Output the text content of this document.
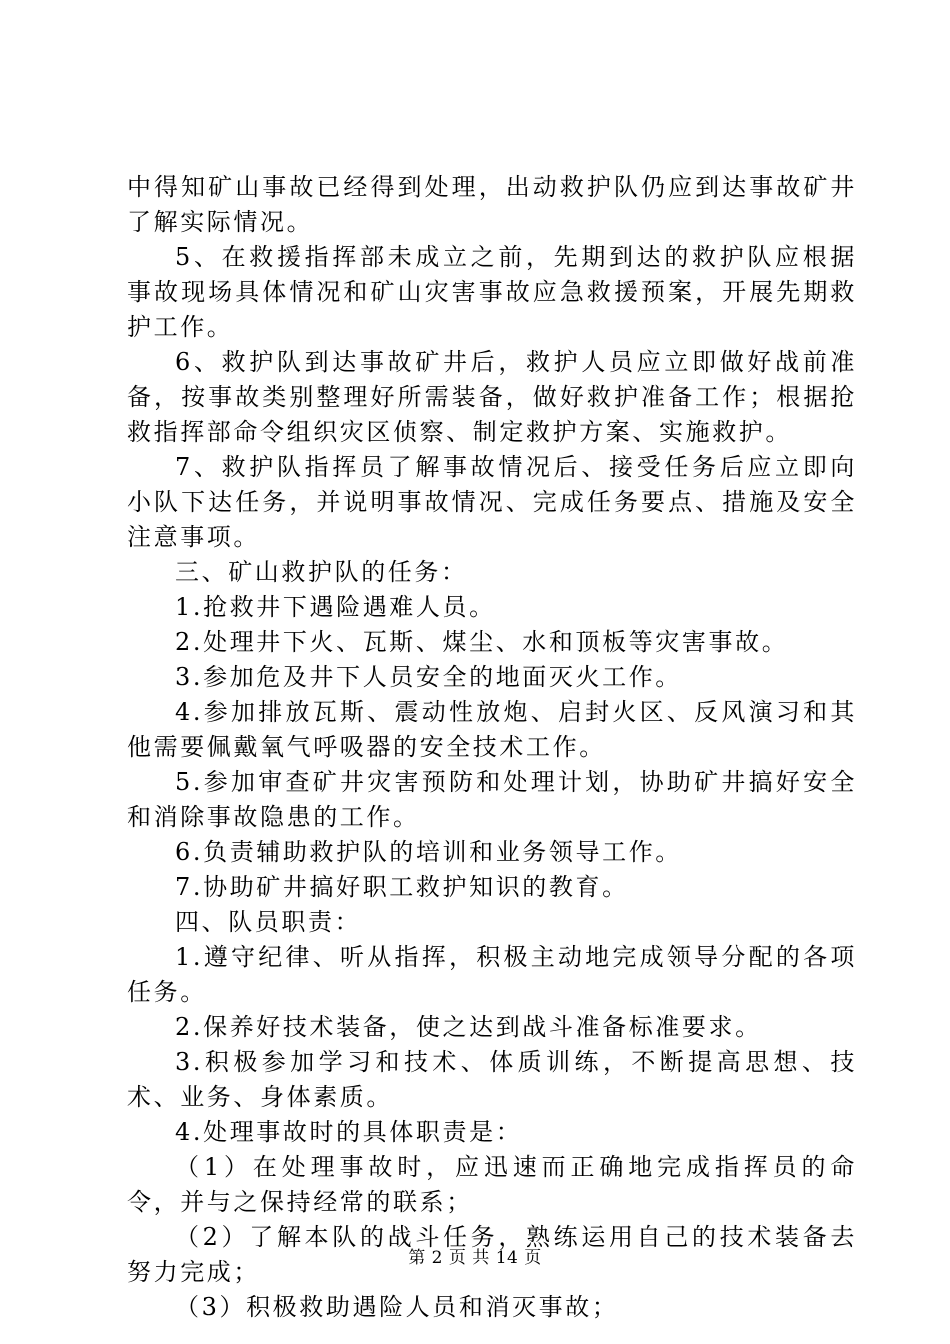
中得知矿山事故已经得到处理，出动救护队仍应到达事故矿井了解实际情况。

5、在救援指挥部未成立之前，先期到达的救护队应根据事故现场具体情况和矿山灾害事故应急救援预案，开展先期救护工作。

6、救护队到达事故矿井后，救护人员应立即做好战前准备，按事故类别整理好所需装备，做好救护准备工作；根据抢救指挥部命令组织灾区侦察、制定救护方案、实施救护。

7、救护队指挥员了解事故情况后、接受任务后应立即向小队下达任务，并说明事故情况、完成任务要点、措施及安全注意事项。

三、矿山救护队的任务：

1.抢救井下遇险遇难人员。

2.处理井下火、瓦斯、煤尘、水和顶板等灾害事故。

3.参加危及井下人员安全的地面灭火工作。

4.参加排放瓦斯、震动性放炮、启封火区、反风演习和其他需要佩戴氧气呼吸器的安全技术工作。

5.参加审查矿井灾害预防和处理计划，协助矿井搞好安全和消除事故隐患的工作。

6.负责辅助救护队的培训和业务领导工作。

7.协助矿井搞好职工救护知识的教育。

四、队员职责：

1.遵守纪律、听从指挥，积极主动地完成领导分配的各项任务。

2.保养好技术装备，使之达到战斗准备标准要求。

3.积极参加学习和技术、体质训练，不断提高思想、技术、业务、身体素质。

4.处理事故时的具体职责是：

（1）在处理事故时，应迅速而正确地完成指挥员的命令，并与之保持经常的联系；

（2）了解本队的战斗任务，熟练运用自己的技术装备去努力完成；

（3）积极救助遇险人员和消灭事故；

第 2 页 共 14 页
